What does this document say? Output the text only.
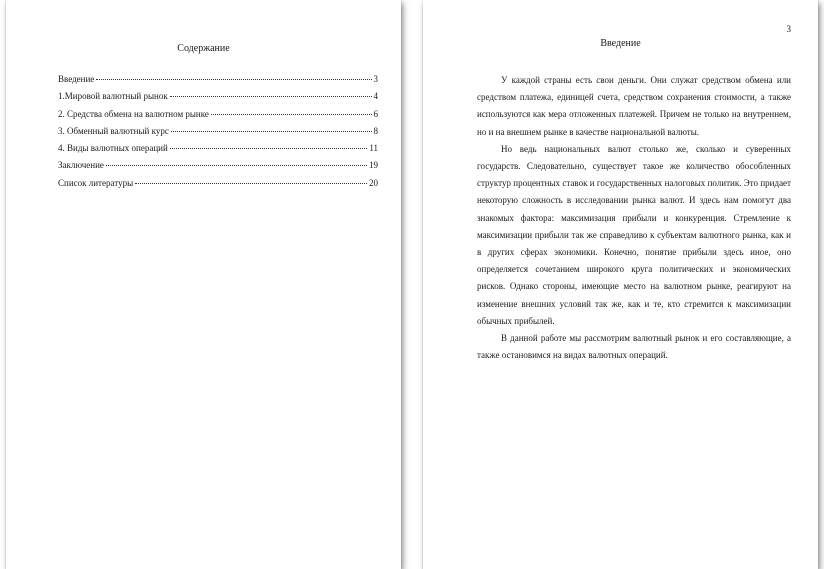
Содержание
Введение	3
1.Мировой валютный рынок	4
2. Средства обмена на валютном рынке	6
3. Обменный валютный курс	8
4. Виды валютных операций	11
Заключение	19
Список литературы	20
3
Введение

У каждой страны есть свои деньги. Они служат средством обмена или средством платежа, единицей счета, средством сохранения стоимости, а также используются как мера отложенных платежей. Причем не только на внутреннем, но и на внешнем рынке в качестве национальной валюты.

Но ведь национальных валют столько же, сколько и суверенных государств. Следовательно, существует такое же количество обособленных структур процентных ставок и государственных налоговых политик. Это придает некоторую сложность в исследовании рынка валют. И здесь нам помогут два знакомых фактора: максимизация прибыли и конкуренция. Стремление к максимизации прибыли так же справедливо к субъектам валютного рынка, как и в других сферах экономики. Конечно, понятие прибыли здесь иное, оно определяется сочетанием широкого круга политических и экономических рисков. Однако стороны, имеющие место на валютном рынке, реагируют на изменение внешних условий так же, как и те, кто стремится к максимизации обычных прибылей.

В данной работе мы рассмотрим валютный рынок и его составляющие, а также остановимся на видах валютных операций.
